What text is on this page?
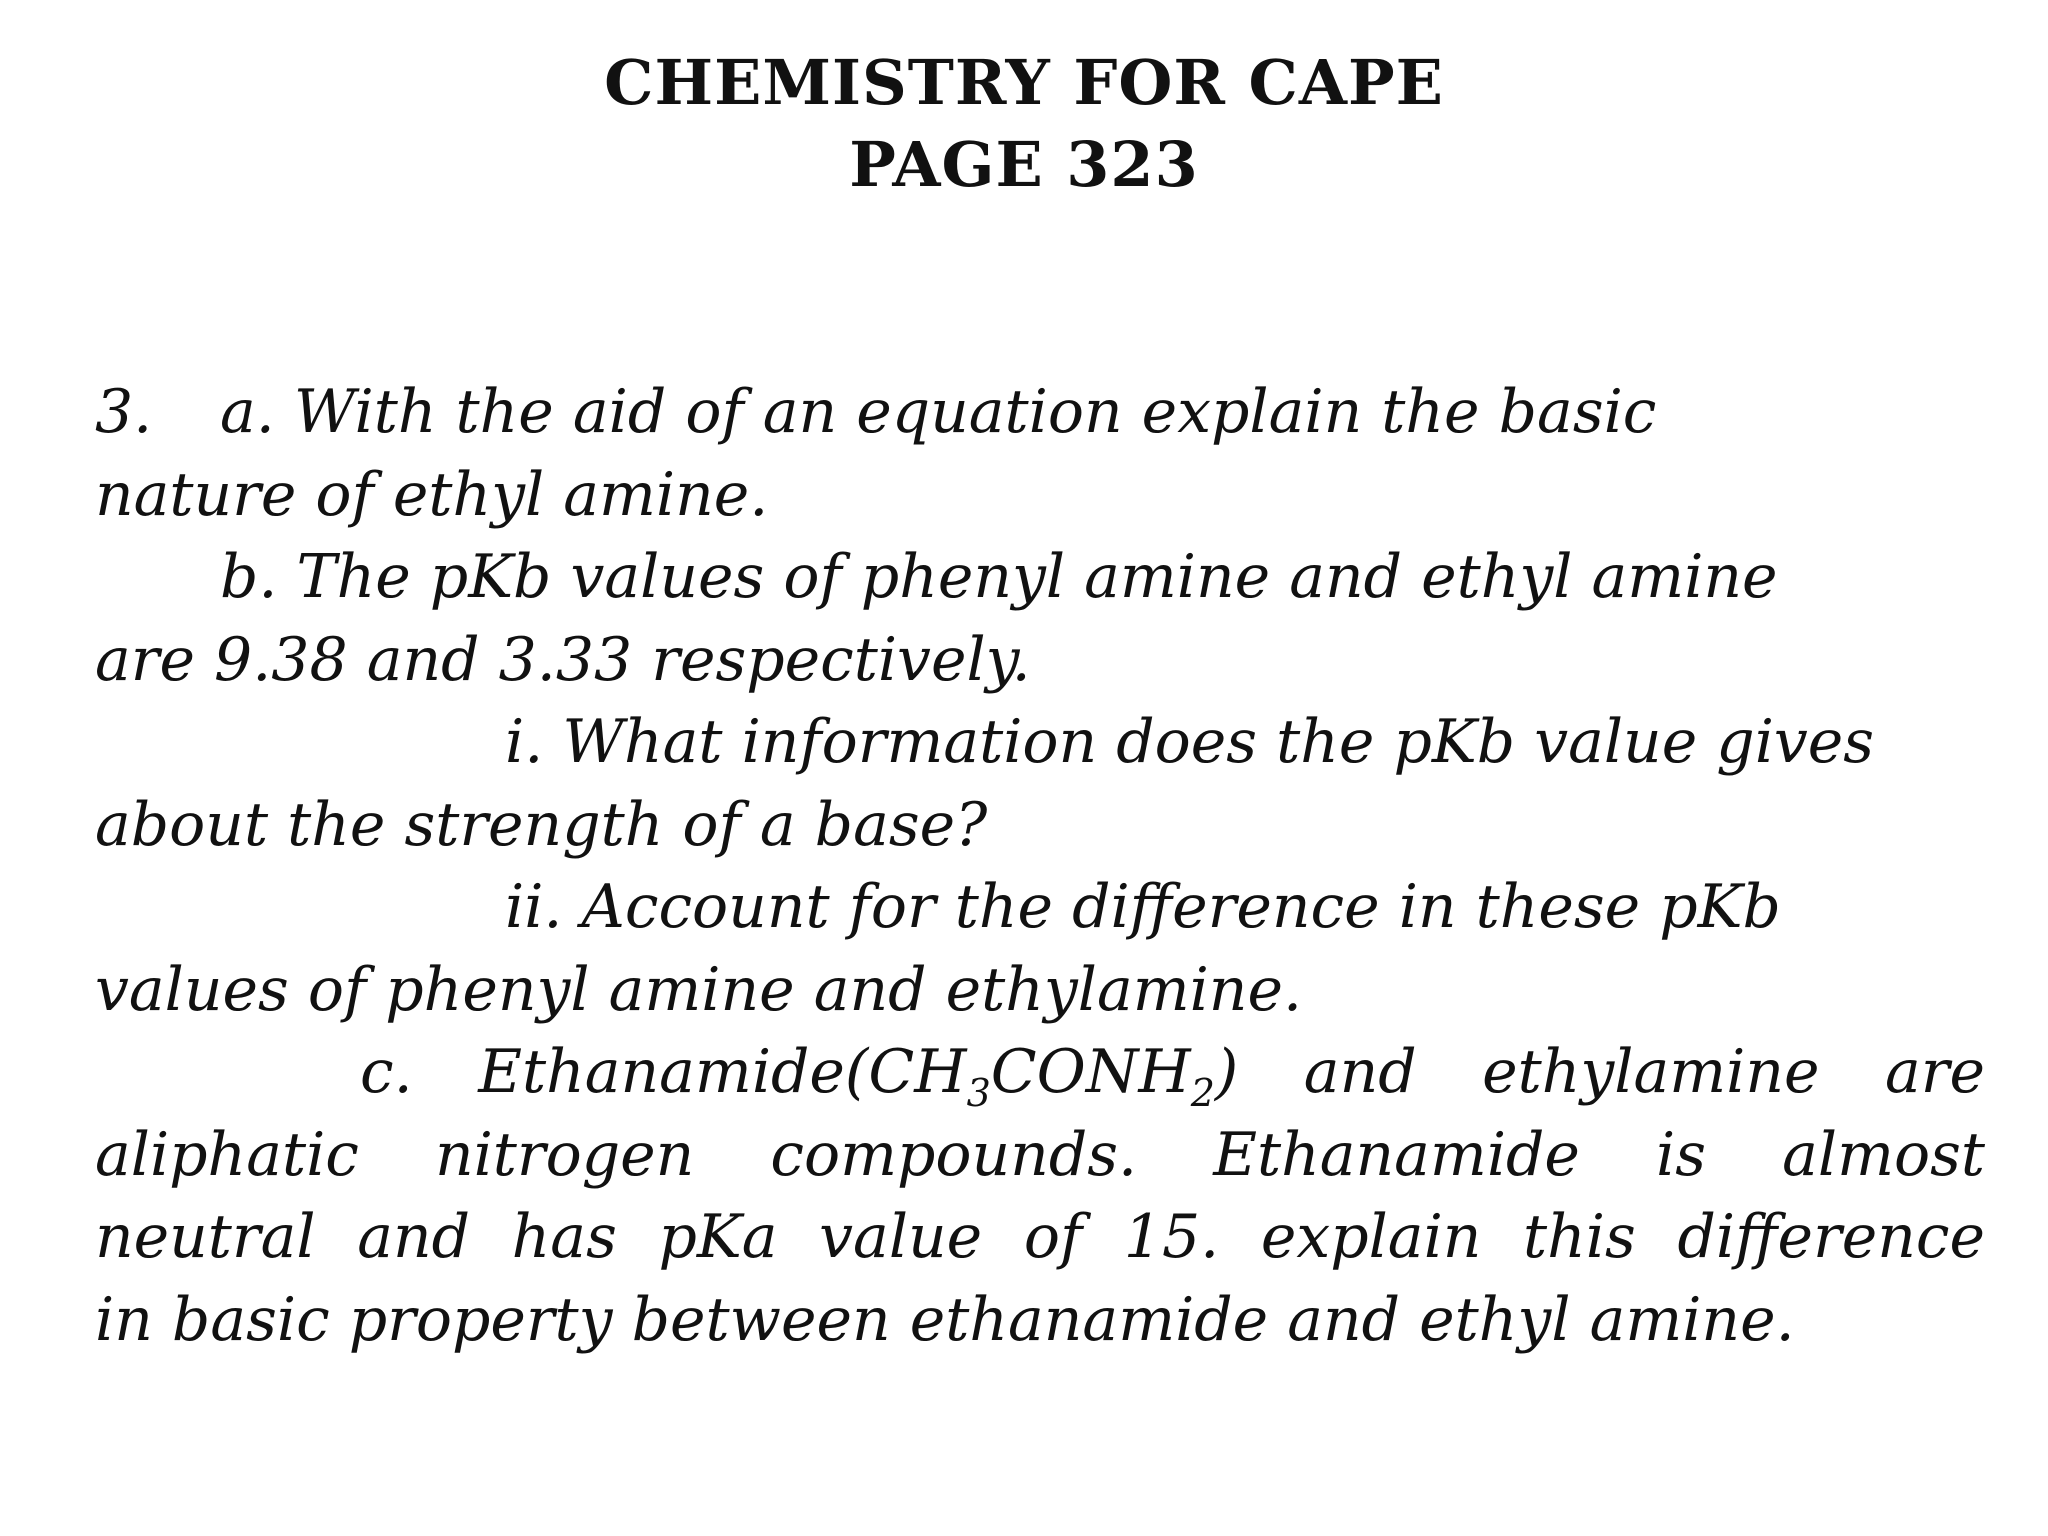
CHEMISTRY FOR CAPE
PAGE 323
3. a. With the aid of an equation explain the basic
nature of ethyl amine.
b. The pKb values of phenyl amine and ethyl amine
are 9.38 and 3.33 respectively.
i. What information does the pKb value gives
about the strength of a base?
ii. Account for the difference in these pKb
values of phenyl amine and ethylamine.
c. $Ethanamide(CH_3CONH_2)$ and ethylamine are
aliphatic nitrogen compounds. Ethanamide is almost
neutral and has pKa value of 15. explain this difference
in basic property between ethanamide and ethyl amine.
